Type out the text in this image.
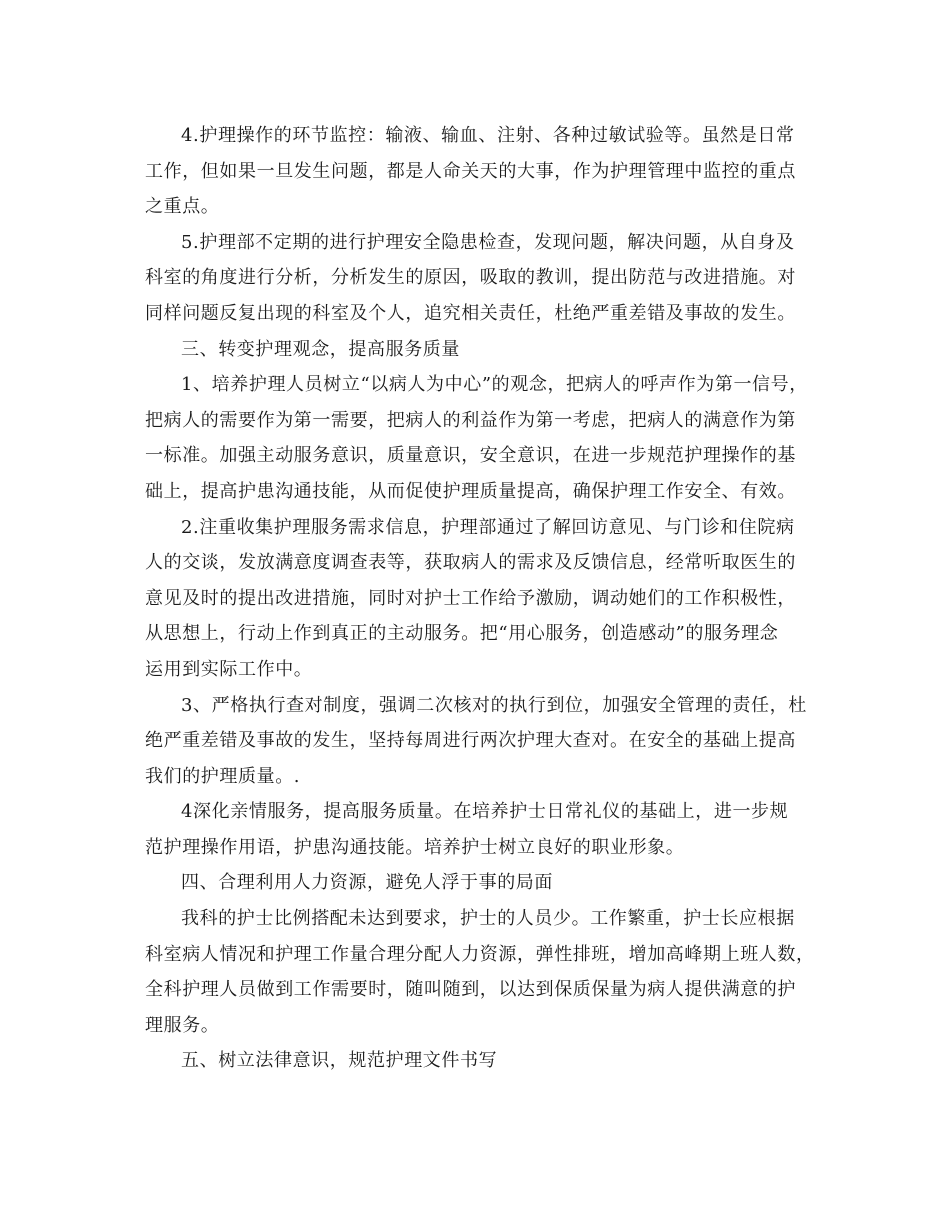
4.护理操作的环节监控：输液、输血、注射、各种过敏试验等。虽然是日常
工作，但如果一旦发生问题，都是人命关天的大事，作为护理管理中监控的重点
之重点。
5.护理部不定期的进行护理安全隐患检查，发现问题，解决问题，从自身及
科室的角度进行分析，分析发生的原因，吸取的教训，提出防范与改进措施。对
同样问题反复出现的科室及个人，追究相关责任，杜绝严重差错及事故的发生。
三、转变护理观念，提高服务质量
1、培养护理人员树立“以病人为中心”的观念，把病人的呼声作为第一信号，
把病人的需要作为第一需要，把病人的利益作为第一考虑，把病人的满意作为第
一标准。加强主动服务意识，质量意识，安全意识，在进一步规范护理操作的基
础上，提高护患沟通技能，从而促使护理质量提高，确保护理工作安全、有效。
2.注重收集护理服务需求信息，护理部通过了解回访意见、与门诊和住院病
人的交谈，发放满意度调查表等，获取病人的需求及反馈信息，经常听取医生的
意见及时的提出改进措施，同时对护士工作给予激励，调动她们的工作积极性，
从思想上，行动上作到真正的主动服务。把“用心服务，创造感动”的服务理念
运用到实际工作中。
3、严格执行查对制度，强调二次核对的执行到位，加强安全管理的责任，杜
绝严重差错及事故的发生，坚持每周进行两次护理大查对。在安全的基础上提高
我们的护理质量。.
4深化亲情服务，提高服务质量。在培养护士日常礼仪的基础上，进一步规
范护理操作用语，护患沟通技能。培养护士树立良好的职业形象。
四、合理利用人力资源，避免人浮于事的局面
我科的护士比例搭配未达到要求，护士的人员少。工作繁重，护士长应根据
科室病人情况和护理工作量合理分配人力资源，弹性排班，增加高峰期上班人数，
全科护理人员做到工作需要时，随叫随到，以达到保质保量为病人提供满意的护
理服务。
五、树立法律意识，规范护理文件书写
